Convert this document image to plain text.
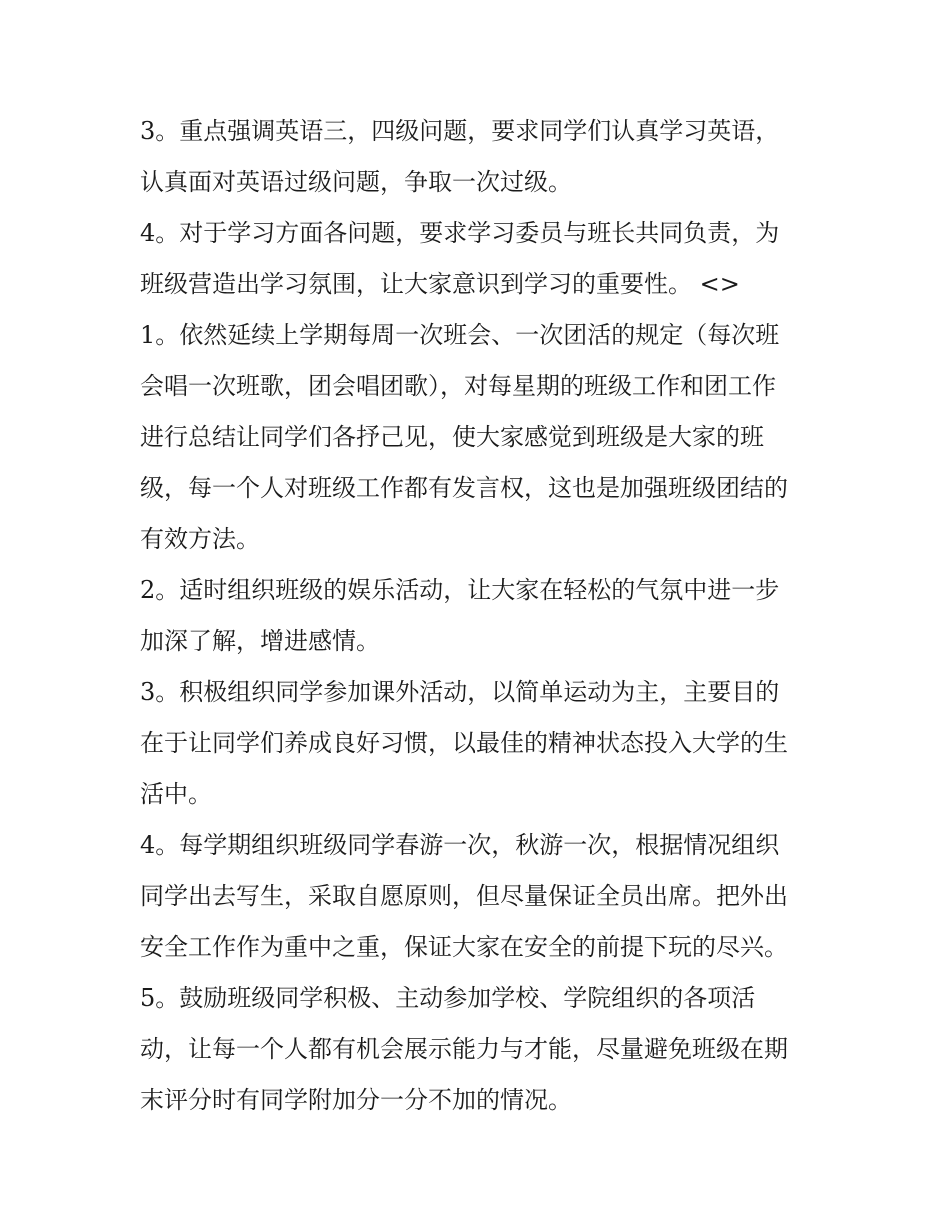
3。重点强调英语三，四级问题，要求同学们认真学习英语，
认真面对英语过级问题，争取一次过级。
4。对于学习方面各问题，要求学习委员与班长共同负责，为
班级营造出学习氛围，让大家意识到学习的重要性。 <>
1。依然延续上学期每周一次班会、一次团活的规定（每次班
会唱一次班歌，团会唱团歌），对每星期的班级工作和团工作
进行总结让同学们各抒己见，使大家感觉到班级是大家的班
级，每一个人对班级工作都有发言权，这也是加强班级团结的
有效方法。
2。适时组织班级的娱乐活动，让大家在轻松的气氛中进一步
加深了解，增进感情。
3。积极组织同学参加课外活动，以简单运动为主，主要目的
在于让同学们养成良好习惯，以最佳的精神状态投入大学的生
活中。
4。每学期组织班级同学春游一次，秋游一次，根据情况组织
同学出去写生，采取自愿原则，但尽量保证全员出席。把外出
安全工作作为重中之重，保证大家在安全的前提下玩的尽兴。
5。鼓励班级同学积极、主动参加学校、学院组织的各项活
动，让每一个人都有机会展示能力与才能，尽量避免班级在期
末评分时有同学附加分一分不加的情况。
